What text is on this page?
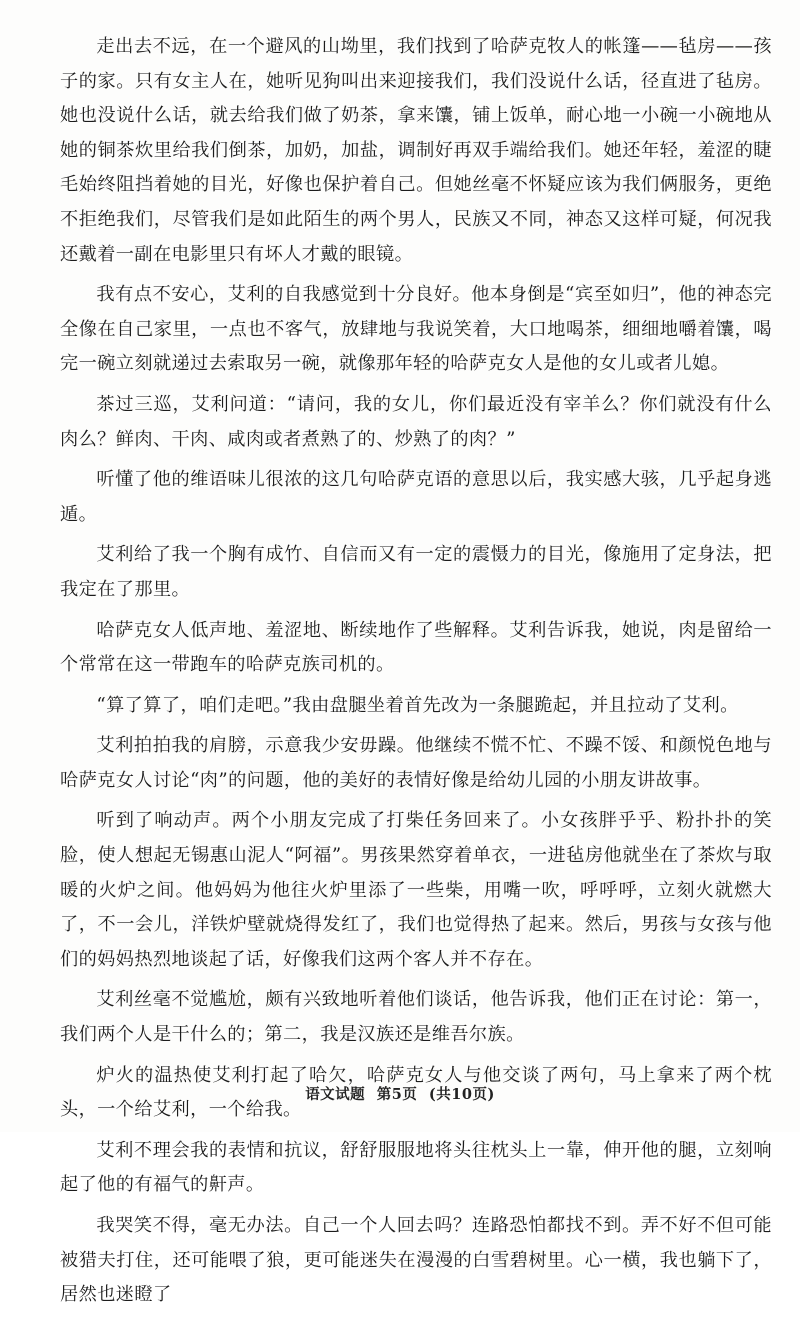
走出去不远，在一个避风的山坳里，我们找到了哈萨克牧人的帐篷——毡房——孩子的家。只有女主人在，她听见狗叫出来迎接我们，我们没说什么话，径直进了毡房。她也没说什么话，就去给我们做了奶茶，拿来馕，铺上饭单，耐心地一小碗一小碗地从她的铜茶炊里给我们倒茶，加奶，加盐，调制好再双手端给我们。她还年轻，羞涩的睫毛始终阻挡着她的目光，好像也保护着自己。但她丝毫不怀疑应该为我们俩服务，更绝不拒绝我们，尽管我们是如此陌生的两个男人，民族又不同，神态又这样可疑，何况我还戴着一副在电影里只有坏人才戴的眼镜。

我有点不安心，艾利的自我感觉到十分良好。他本身倒是“宾至如归”，他的神态完全像在自己家里，一点也不客气，放肆地与我说笑着，大口地喝茶，细细地嚼着馕，喝完一碗立刻就递过去索取另一碗，就像那年轻的哈萨克女人是他的女儿或者儿媳。

茶过三巡，艾利问道：“请问，我的女儿，你们最近没有宰羊么？你们就没有什么肉么？鲜肉、干肉、咸肉或者煮熟了的、炒熟了的肉？”

听懂了他的维语味儿很浓的这几句哈萨克语的意思以后，我实感大骇，几乎起身逃遁。

艾利给了我一个胸有成竹、自信而又有一定的震慑力的目光，像施用了定身法，把我定在了那里。

哈萨克女人低声地、羞涩地、断续地作了些解释。艾利告诉我，她说，肉是留给一个常常在这一带跑车的哈萨克族司机的。

“算了算了，咱们走吧。”我由盘腿坐着首先改为一条腿跪起，并且拉动了艾利。

艾利拍拍我的肩膀，示意我少安毋躁。他继续不慌不忙、不躁不馁、和颜悦色地与哈萨克女人讨论“肉”的问题，他的美好的表情好像是给幼儿园的小朋友讲故事。

听到了响动声。两个小朋友完成了打柴任务回来了。小女孩胖乎乎、粉扑扑的笑脸，使人想起无锡惠山泥人“阿福”。男孩果然穿着单衣，一进毡房他就坐在了茶炊与取暖的火炉之间。他妈妈为他往火炉里添了一些柴，用嘴一吹，呼呼呼，立刻火就燃大了，不一会儿，洋铁炉壁就烧得发红了，我们也觉得热了起来。然后，男孩与女孩与他们的妈妈热烈地谈起了话，好像我们这两个客人并不存在。

艾利丝毫不觉尴尬，颇有兴致地听着他们谈话，他告诉我，他们正在讨论：第一，我们两个人是干什么的；第二，我是汉族还是维吾尔族。

炉火的温热使艾利打起了哈欠，哈萨克女人与他交谈了两句，马上拿来了两个枕头，一个给艾利，一个给我。

艾利不理会我的表情和抗议，舒舒服服地将头往枕头上一靠，伸开他的腿，立刻响起了他的有福气的鼾声。

我哭笑不得，毫无办法。自己一个人回去吗？连路恐怕都找不到。弄不好不但可能被猎夫打住，还可能喂了狼，更可能迷失在漫漫的白雪碧树里。心一横，我也躺下了，居然也迷瞪了

语文试题 第5页 (共10页)
